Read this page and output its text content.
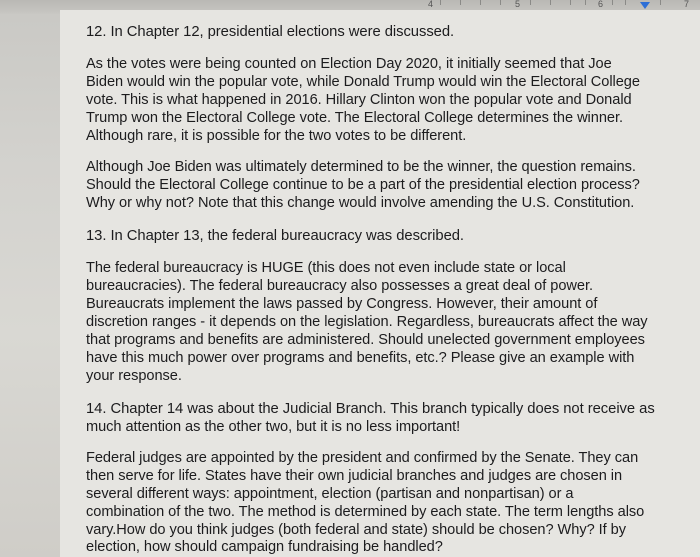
4	5	6	7
12. In Chapter 12, presidential elections were discussed.
As the votes were being counted on Election Day 2020, it initially seemed that Joe
Biden would win the popular vote, while Donald Trump would win the Electoral College
vote. This is what happened in 2016. Hillary Clinton won the popular vote and Donald
Trump won the Electoral College vote. The Electoral College determines the winner.
Although rare, it is possible for the two votes to be different.
Although Joe Biden was ultimately determined to be the winner, the question remains.
Should the Electoral College continue to be a part of the presidential election process?
Why or why not? Note that this change would involve amending the U.S. Constitution.
13. In Chapter 13, the federal bureaucracy was described.
The federal bureaucracy is HUGE (this does not even include state or local
bureaucracies). The federal bureaucracy also possesses a great deal of power.
Bureaucrats implement the laws passed by Congress. However, their amount of
discretion ranges - it depends on the legislation. Regardless, bureaucrats affect the way
that programs and benefits are administered. Should unelected government employees
have this much power over programs and benefits, etc.? Please give an example with
your response.
14. Chapter 14 was about the Judicial Branch. This branch typically does not receive as
much attention as the other two, but it is no less important!
Federal judges are appointed by the president and confirmed by the Senate. They can
then serve for life. States have their own judicial branches and judges are chosen in
several different ways: appointment, election (partisan and nonpartisan) or a
combination of the two. The method is determined by each state. The term lengths also
vary.How do you think judges (both federal and state) should be chosen? Why? If by
election, how should campaign fundraising be handled?
